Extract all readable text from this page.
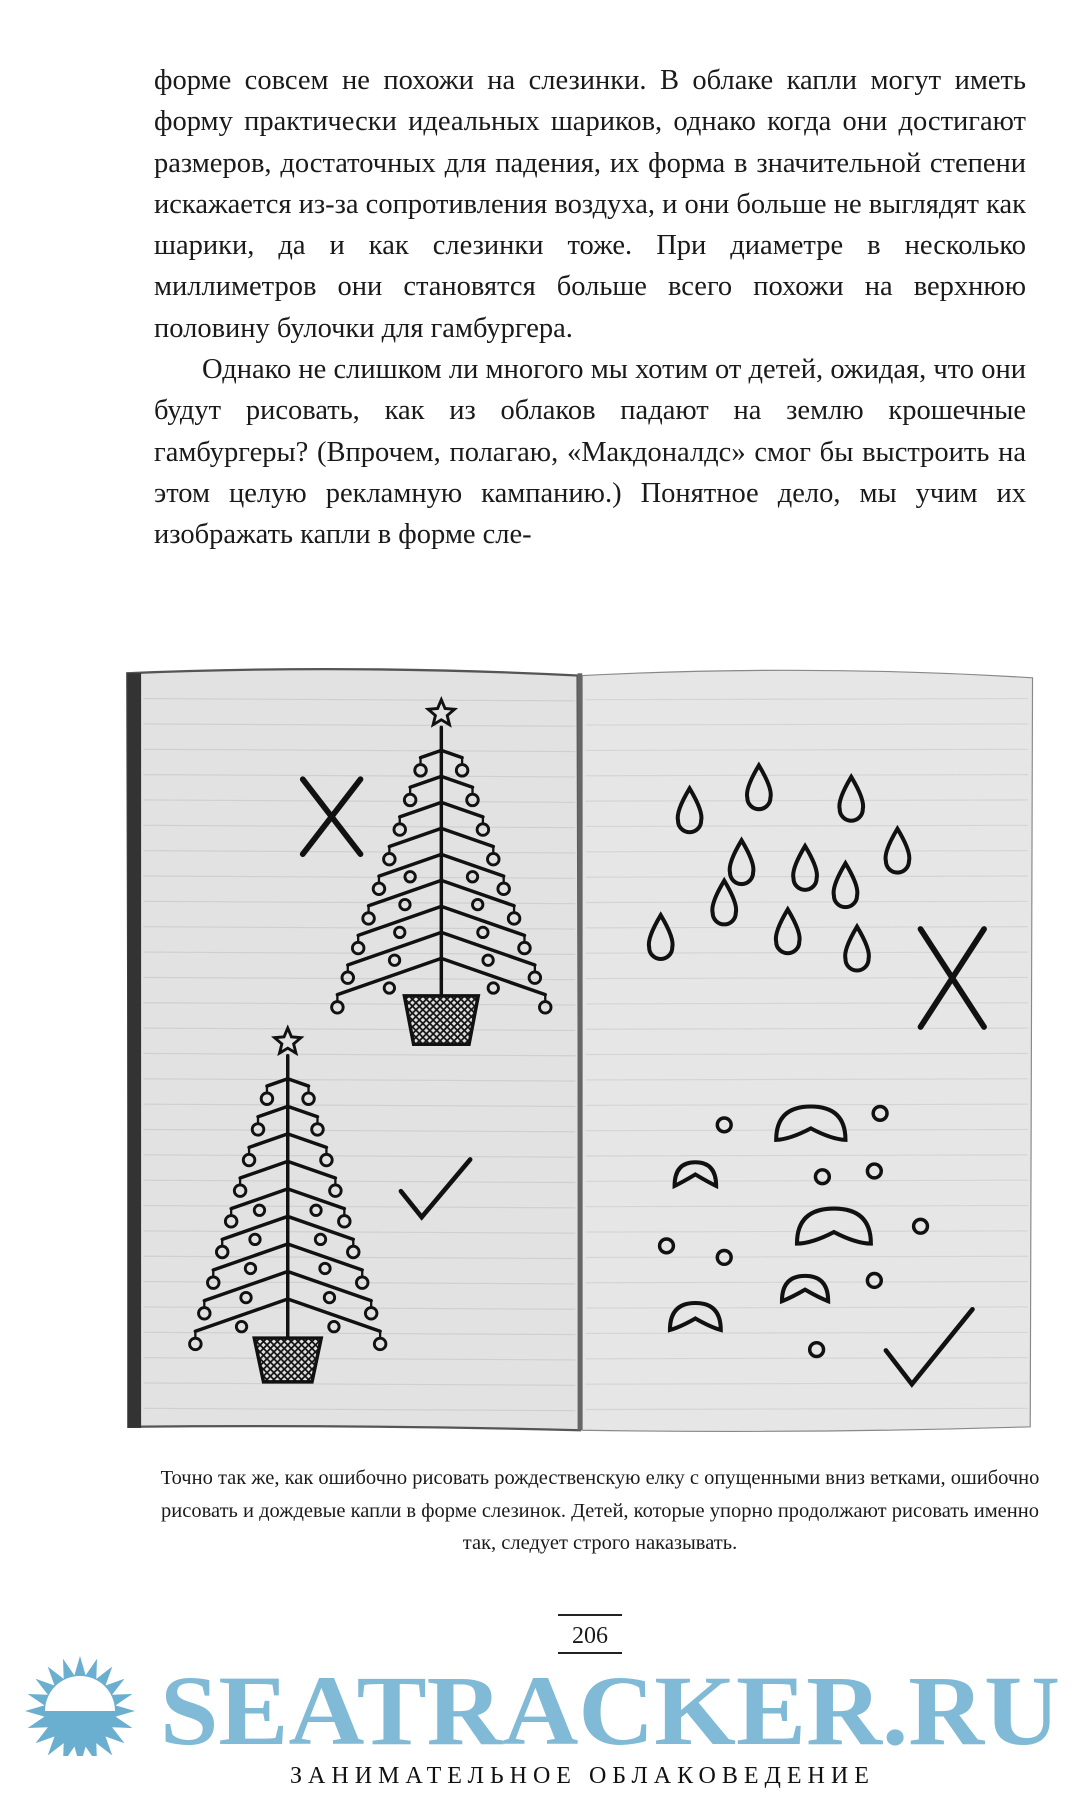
форме совсем не похожи на слезинки. В облаке капли могут иметь форму практически идеальных шариков, однако когда они достигают размеров, достаточных для падения, их форма в значительной степени искажается из-за сопротивления воздуха, и они больше не выглядят как шарики, да и как слезинки тоже. При диаметре в несколько миллиметров они становятся больше всего похожи на верхнюю половину булочки для гамбургера.

Однако не слишком ли многого мы хотим от детей, ожидая, что они будут рисовать, как из облаков падают на землю крошечные гамбургеры? (Впрочем, полагаю, «Макдоналдс» смог бы выстроить на этом целую рекламную кампанию.) Понятное дело, мы учим их изображать капли в форме сле-

Точно так же, как ошибочно рисовать рождественскую елку с опущенными вниз ветками, ошибочно рисовать и дождевые капли в форме слезинок. Детей, которые упорно продолжают рисовать именно так, следует строго наказывать.
206
SEATRACKER.RU
ЗАНИМАТЕЛЬНОЕ ОБЛАКОВЕДЕНИЕ
